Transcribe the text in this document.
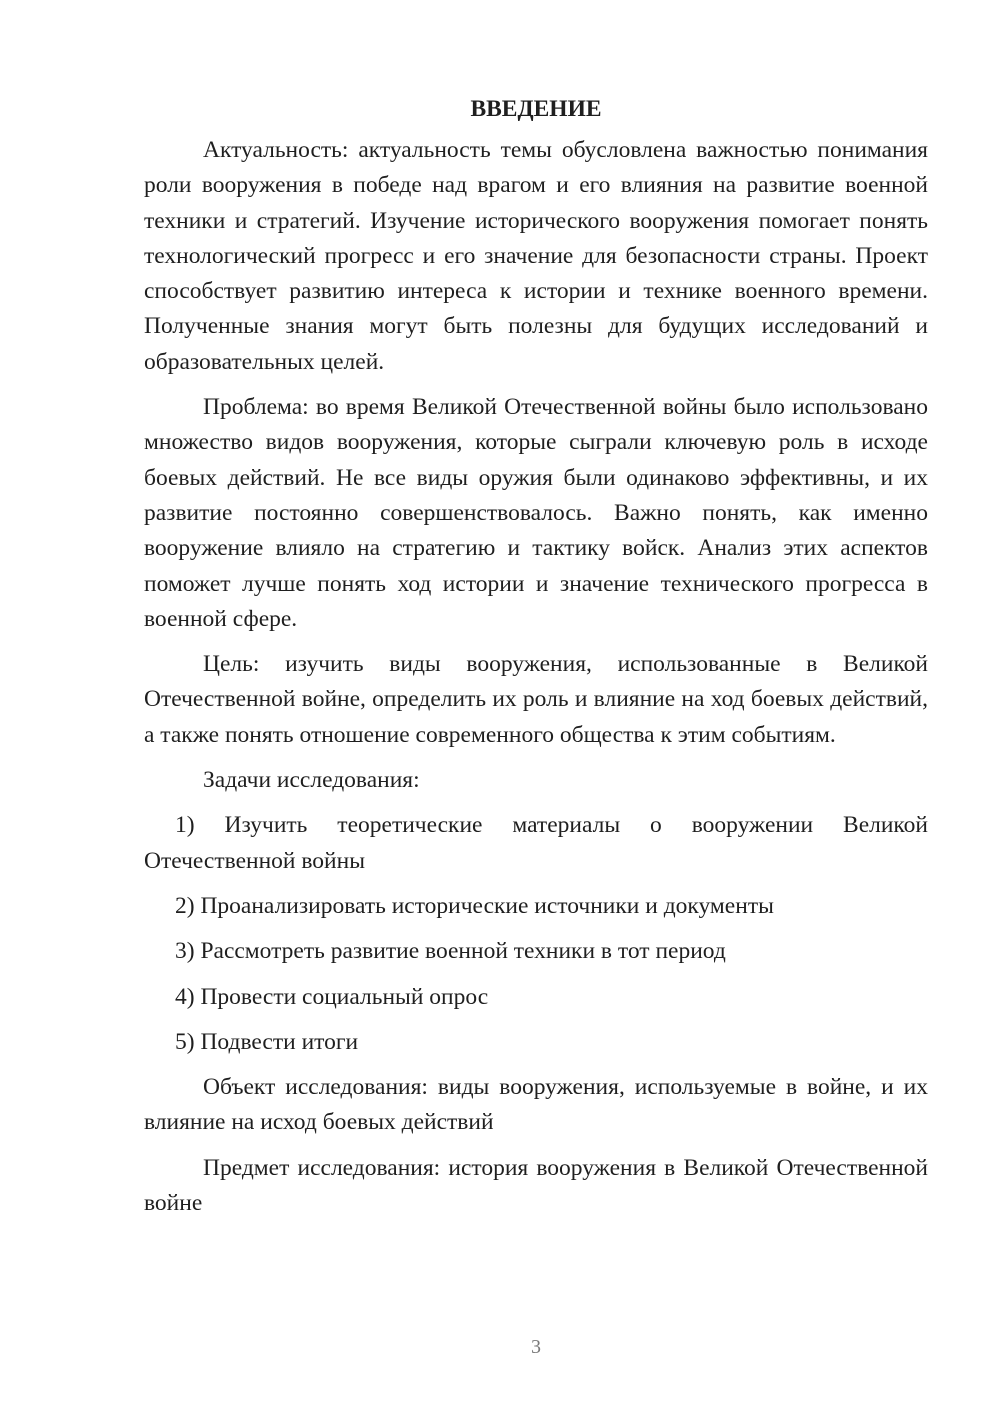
ВВЕДЕНИЕ

Актуальность: актуальность темы обусловлена важностью понимания роли вооружения в победе над врагом и его влияния на развитие военной техники и стратегий. Изучение исторического вооружения помогает понять технологический прогресс и его значение для безопасности страны. Проект способствует развитию интереса к истории и технике военного времени. Полученные знания могут быть полезны для будущих исследований и образовательных целей.

Проблема: во время Великой Отечественной войны было использовано множество видов вооружения, которые сыграли ключевую роль в исходе боевых действий. Не все виды оружия были одинаково эффективны, и их развитие постоянно совершенствовалось. Важно понять, как именно вооружение влияло на стратегию и тактику войск. Анализ этих аспектов поможет лучше понять ход истории и значение технического прогресса в военной сфере.

Цель: изучить виды вооружения, использованные в Великой Отечественной войне, определить их роль и влияние на ход боевых действий, а также понять отношение современного общества к этим событиям.

Задачи исследования:

1) Изучить теоретические материалы о вооружении Великой Отечественной войны

2) Проанализировать исторические источники и документы

3) Рассмотреть развитие военной техники в тот период

4) Провести социальный опрос

5) Подвести итоги

Объект исследования: виды вооружения, используемые в войне, и их влияние на исход боевых действий

Предмет исследования: история вооружения в Великой Отечественной войне

3
